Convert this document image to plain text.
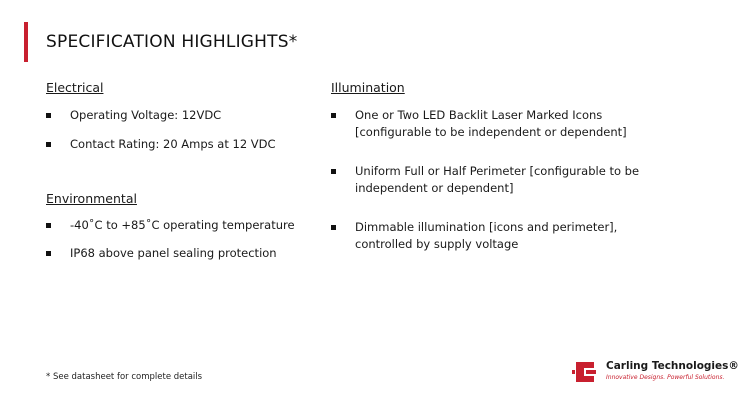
SPECIFICATION HIGHLIGHTS*

Electrical

Operating Voltage: 12VDC
Contact Rating: 20 Amps at 12 VDC

Environmental

-40˚C to +85˚C operating temperature
IP68 above panel sealing protection

Illumination

One or Two LED Backlit Laser Marked Icons [configurable to be independent or dependent]
Uniform Full or Half Perimeter [configurable to be independent or dependent]
Dimmable illumination [icons and perimeter], controlled by supply voltage
* See datasheet for complete details
Carling Technologies®
Innovative Designs. Powerful Solutions.
